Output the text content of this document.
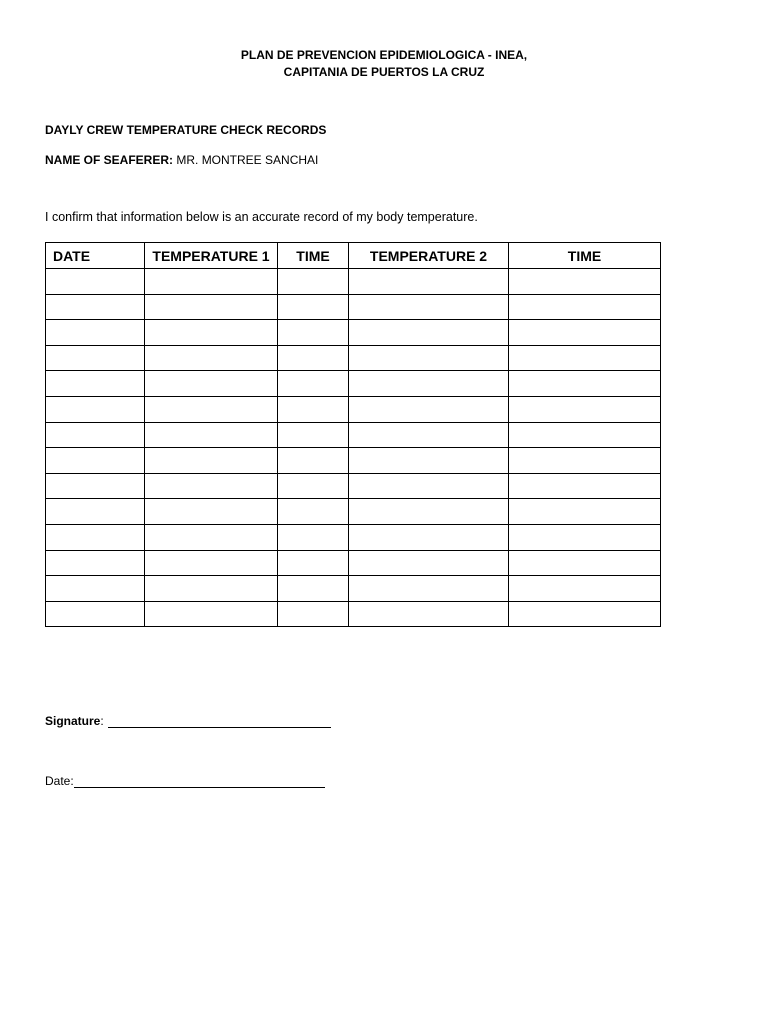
PLAN DE PREVENCION EPIDEMIOLOGICA - INEA,
CAPITANIA DE PUERTOS LA CRUZ
DAYLY CREW TEMPERATURE CHECK RECORDS
NAME OF SEAFERER: MR. MONTREE SANCHAI
I confirm that information below is an accurate record of my body temperature.
DATE	TEMPERATURE 1	TIME	TEMPERATURE 2	TIME

Signature :
Date:
